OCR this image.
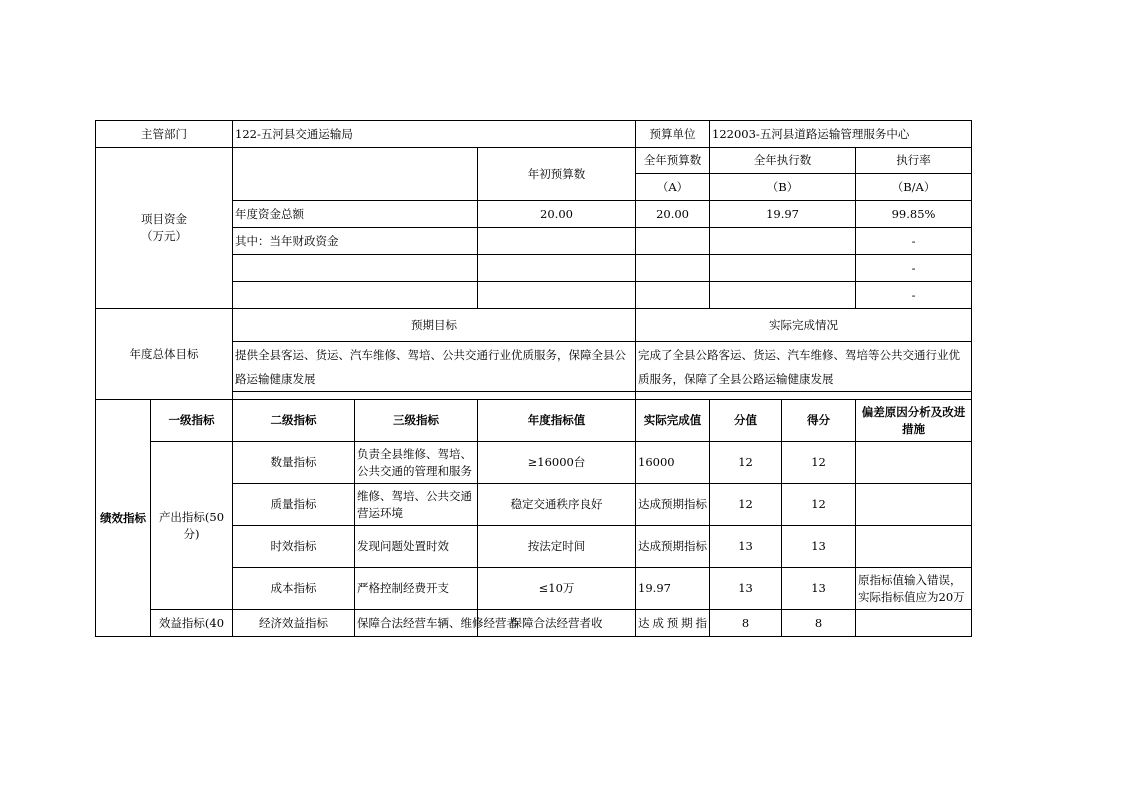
主管部门		122-五河县交通运输局			预算单位	122003-五河县道路运输管理服务中心		

项目资金
（万元）				年初预算数	全年预算数	全年执行数		执行率
					（A）	（B）		（B/A）
		年度资金总额		20.00	20.00	19.97		99.85%
		其中：当年财政资金						-
								-
								-
年度总体目标		预期目标			实际完成情况			
		提供全县客运、货运、汽车维修、驾培、公共交通行业优质服务，保障全县公路运输健康发展			完成了全县公路客运、货运、汽车维修、驾培等公共交通行业优质服务，保障了全县公路运输健康发展			

绩效指标	一级指标	二级指标	三级指标	年度指标值	实际完成值	分值	得分	偏差原因分析及改进措施
	产出指标(50分)	数量指标	负责全县维修、驾培、公共交通的管理和服务	≥16000台	16000	12	12	
		质量指标	维修、驾培、公共交通营运环境	稳定交通秩序良好	达成预期指标	12	12	
		时效指标	发现问题处置时效	按法定时间	达成预期指标	13	13	
		成本指标	严格控制经费开支	≤10万	19.97	13	13	原指标值输入错误，实际指标值应为20万
	效益指标(40	经济效益指标	保障合法经营车辆、维修经营者	保障合法经营者收	达成预期指	8	8	
